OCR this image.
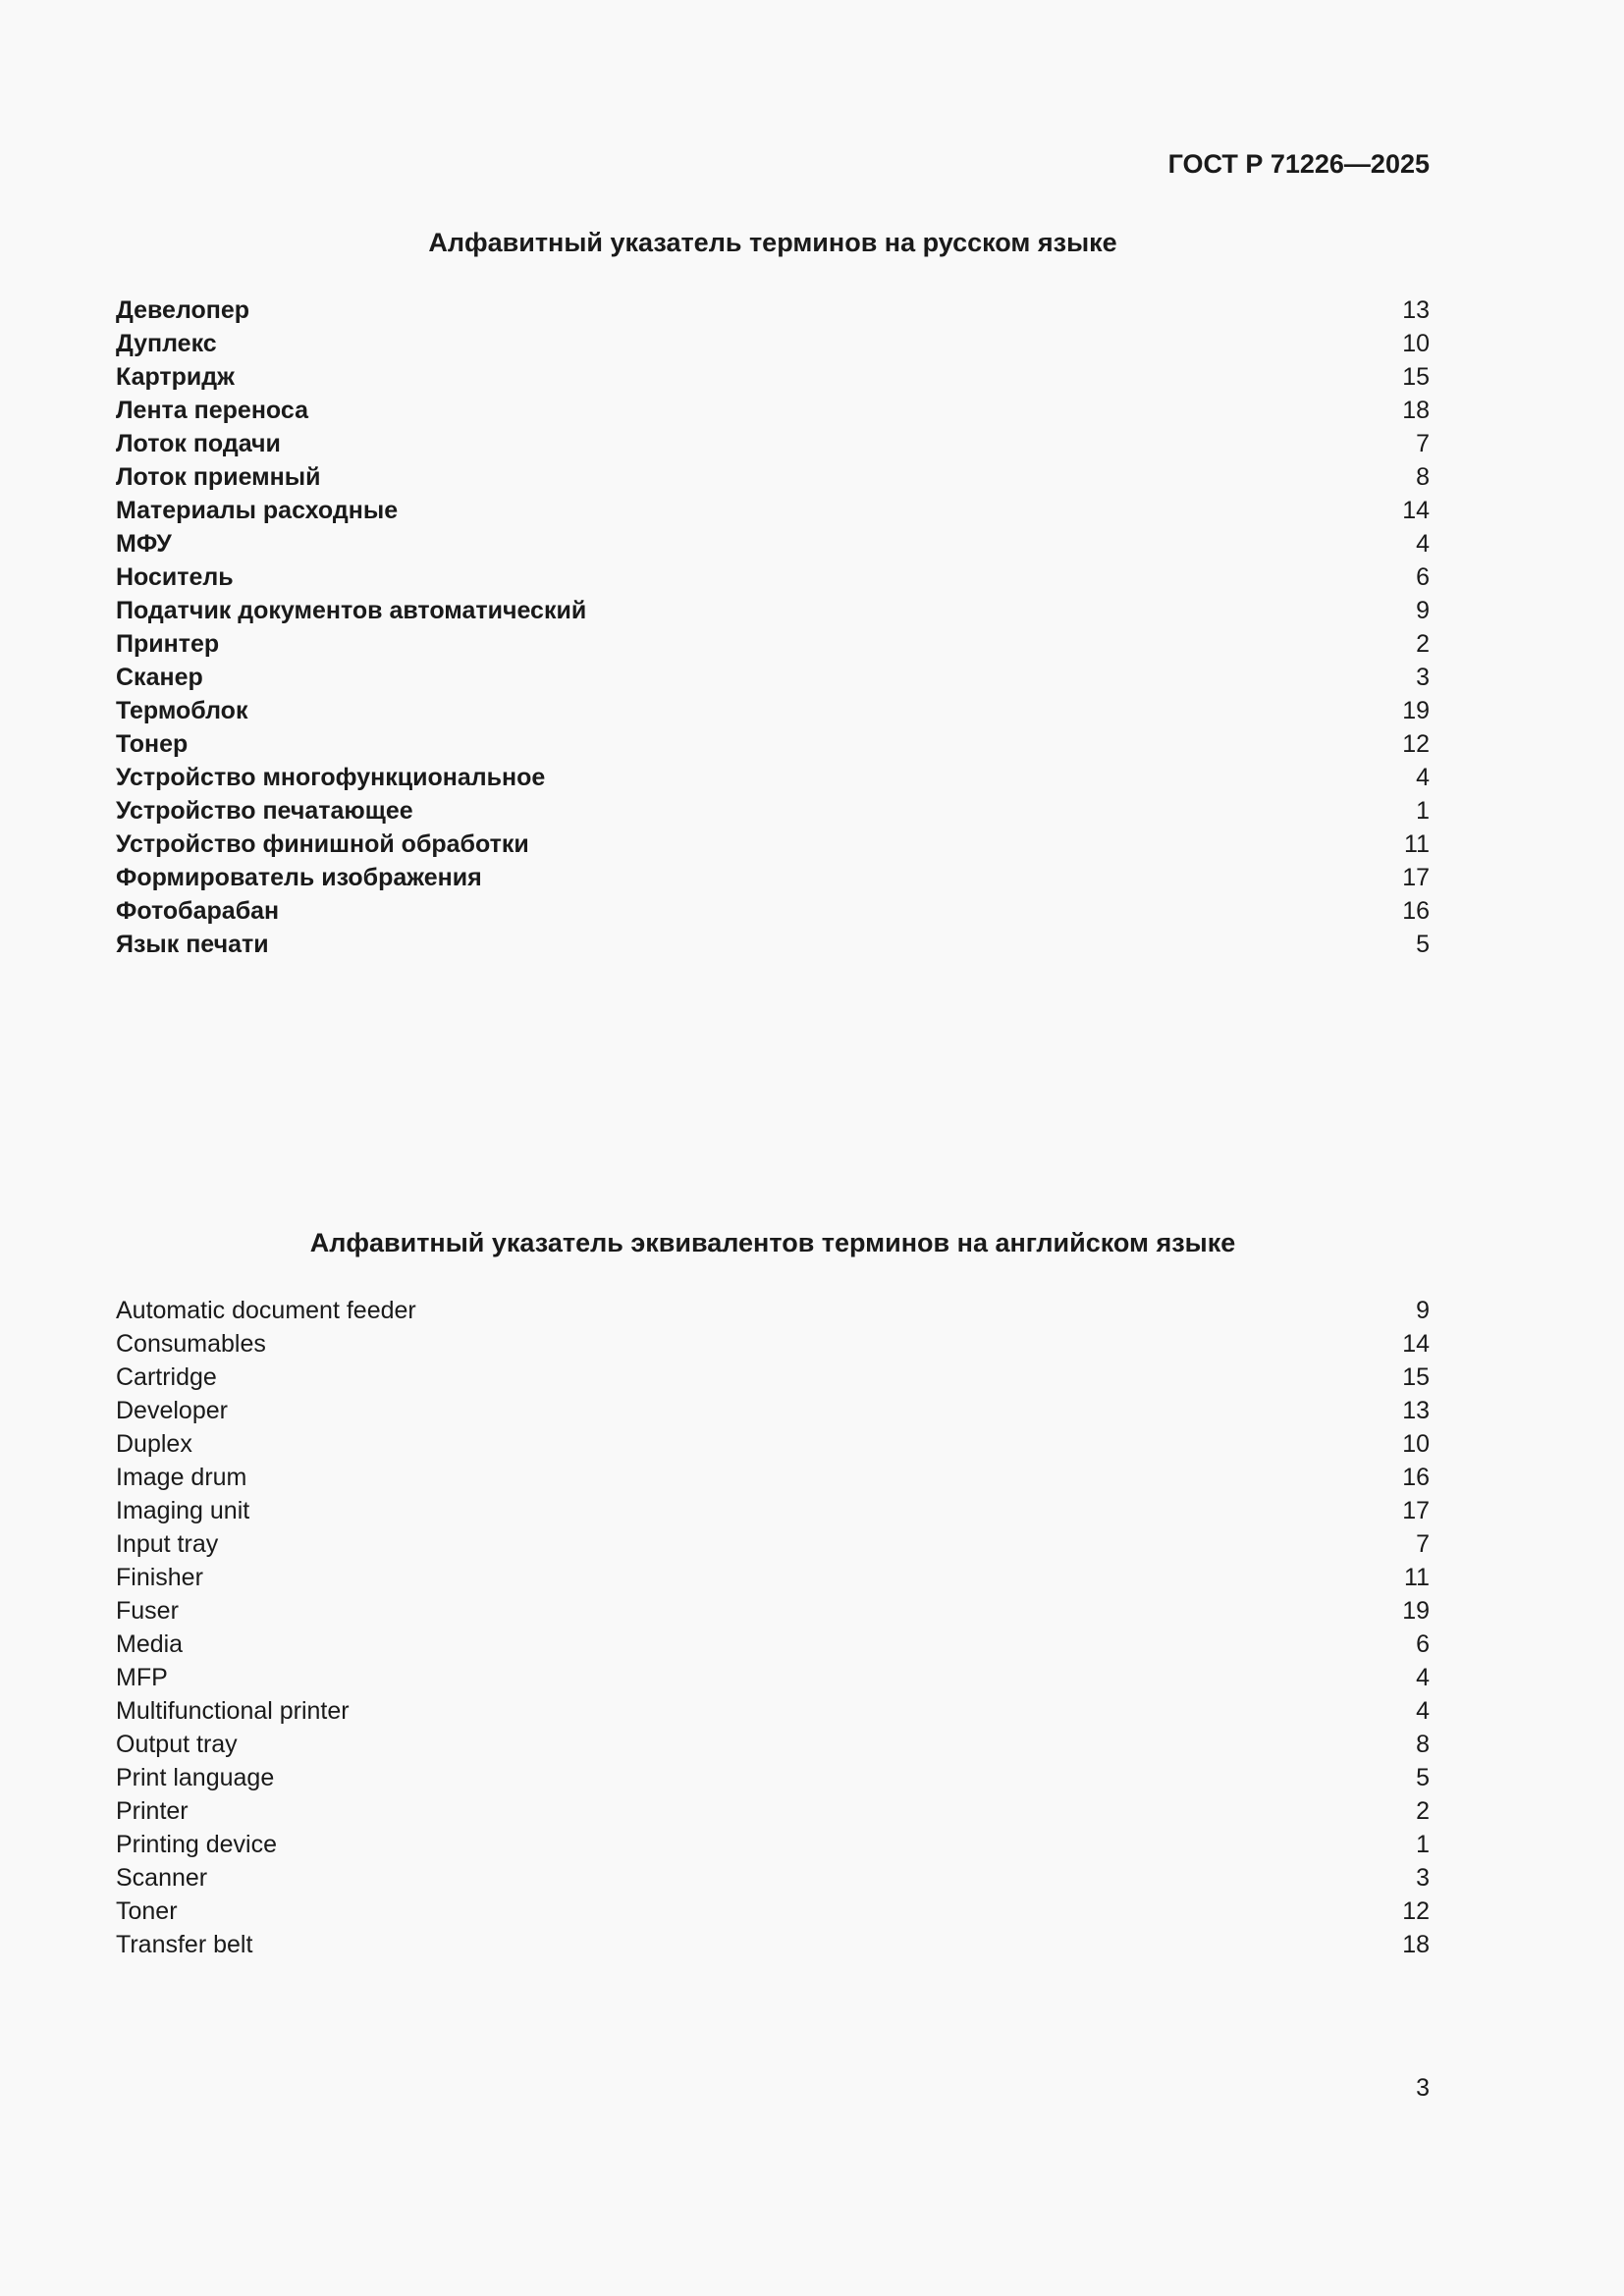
ГОСТ Р 71226—2025

Алфавитный указатель терминов на русском языке
Девелопер	13
Дуплекс	10
Картридж	15
Лента переноса	18
Лоток подачи	7
Лоток приемный	8
Материалы расходные	14
МФУ	4
Носитель	6
Податчик документов автоматический	9
Принтер	2
Сканер	3
Термоблок	19
Тонер	12
Устройство многофункциональное	4
Устройство печатающее	1
Устройство финишной обработки	11
Формирователь изображения	17
Фотобарабан	16
Язык печати	5
Алфавитный указатель эквивалентов терминов на английском языке
Automatic document feeder	9
Consumables	14
Cartridge	15
Developer	13
Duplex	10
Image drum	16
Imaging unit	17
Input tray	7
Finisher	11
Fuser	19
Media	6
MFP	4
Multifunctional printer	4
Output tray	8
Print language	5
Printer	2
Printing device	1
Scanner	3
Toner	12
Transfer belt	18

3
